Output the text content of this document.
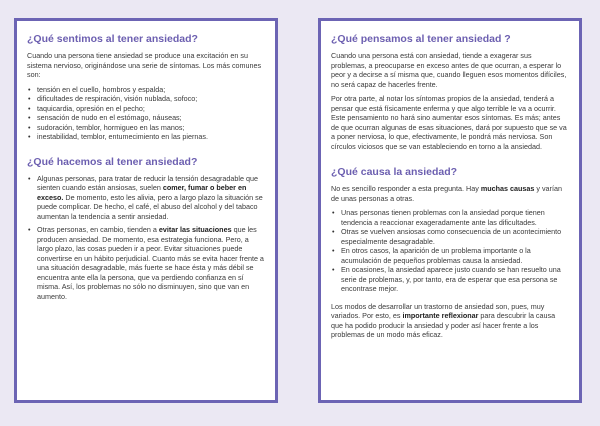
¿Qué sentimos al tener ansiedad?

Cuando una persona tiene ansiedad se produce una excitación en su sistema nervioso, originándose una serie de síntomas. Los más comunes son:

• tensión en el cuello, hombros y espalda;
• dificultades de respiración, visión nublada, sofoco;
• taquicardia, opresión en el pecho;
• sensación de nudo en el estómago, náuseas;
• sudoración, temblor, hormigueo en las manos;
• inestabilidad, temblor, entumecimiento en las piernas.
¿Qué hacemos al tener ansiedad?
• Algunas personas, para tratar de reducir la tensión desagradable que sienten cuando están ansiosas, suelen comer, fumar o beber en exceso. De momento, esto les alivia, pero a largo plazo la situación se puede complicar. De hecho, el café, el abuso del alcohol y del tabaco aumentan la tendencia a sentir ansiedad.
• Otras personas, en cambio, tienden a evitar las situaciones que les producen ansiedad. De momento, esa estrategia funciona. Pero, a largo plazo, las cosas pueden ir a peor. Evitar situaciones puede convertirse en un hábito perjudicial. Cuanto más se evita hacer frente a una situación desagradable, más fuerte se hace ésta y más débil se encuentra ante ella la persona, que va perdiendo confianza en sí misma. Así, los problemas no sólo no disminuyen, sino que van en aumento.
¿Qué pensamos al tener ansiedad ?

Cuando una persona está con ansiedad, tiende a exagerar sus problemas, a preocuparse en exceso antes de que ocurran, a esperar lo peor y a decirse a sí misma que, cuando lleguen esos momentos difíciles, no será capaz de hacerles frente.

Por otra parte, al notar los síntomas propios de la ansiedad, tenderá a pensar que está físicamente enferma y que algo terrible le va a ocurrir. Este pensamiento no hará sino aumentar esos síntomas. Es más; antes de que ocurran algunas de esas situaciones, dará por supuesto que se va a poner nerviosa, lo que, efectivamente, le pondrá más nerviosa. Son círculos viciosos que se van estableciendo en torno a la ansiedad.

¿Qué causa la ansiedad?

No es sencillo responder a esta pregunta. Hay muchas causas y varían de unas personas a otras.

• Unas personas tienen problemas con la ansiedad porque tienen tendencia a reaccionar exageradamente ante las dificultades.
• Otras se vuelven ansiosas como consecuencia de un acontecimiento especialmente desagradable.
• En otros casos, la aparición de un problema importante o la acumulación de pequeños problemas causa la ansiedad.
• En ocasiones, la ansiedad aparece justo cuando se han resuelto una serie de problemas, y, por tanto, era de esperar que esa persona se encontrase mejor.

Los modos de desarrollar un trastorno de ansiedad son, pues, muy variados. Por esto, es importante reflexionar para descubrir la causa que ha podido producir la ansiedad y poder así hacer frente a los problemas de un modo más eficaz.
